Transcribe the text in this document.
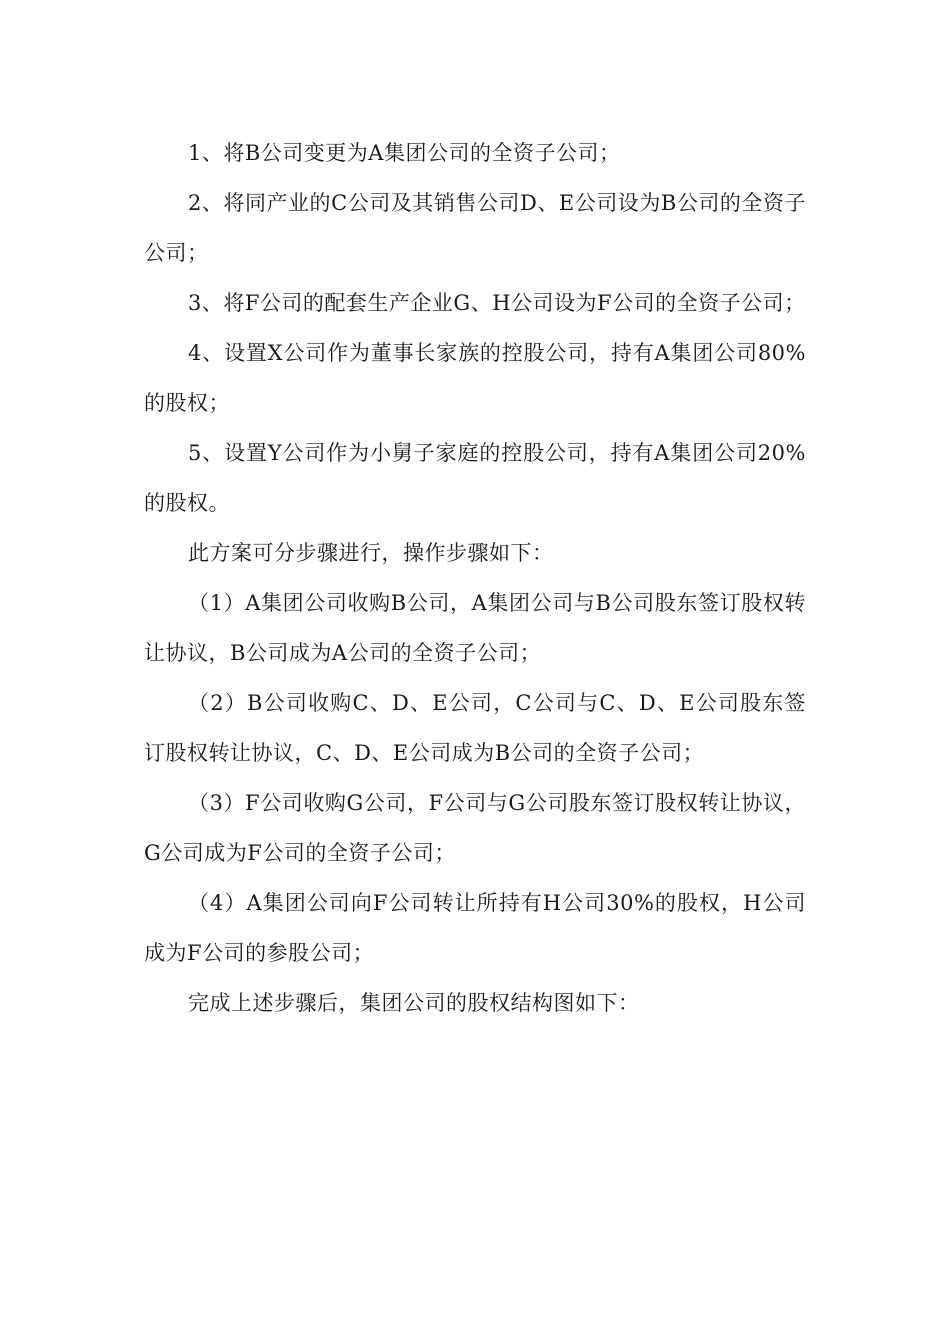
1、将B公司变更为A集团公司的全资子公司；

2、将同产业的C公司及其销售公司D、E公司设为B公司的全资子公司；

3、将F公司的配套生产企业G、H公司设为F公司的全资子公司；

4、设置X公司作为董事长家族的控股公司，持有A集团公司80%的股权；

5、设置Y公司作为小舅子家庭的控股公司，持有A集团公司20%的股权。

此方案可分步骤进行，操作步骤如下：

（1）A集团公司收购B公司，A集团公司与B公司股东签订股权转让协议，B公司成为A公司的全资子公司；

（2）B公司收购C、D、E公司，C公司与C、D、E公司股东签订股权转让协议，C、D、E公司成为B公司的全资子公司；

（3）F公司收购G公司，F公司与G公司股东签订股权转让协议，G公司成为F公司的全资子公司；

（4）A集团公司向F公司转让所持有H公司30%的股权，H公司成为F公司的参股公司；

完成上述步骤后，集团公司的股权结构图如下：
